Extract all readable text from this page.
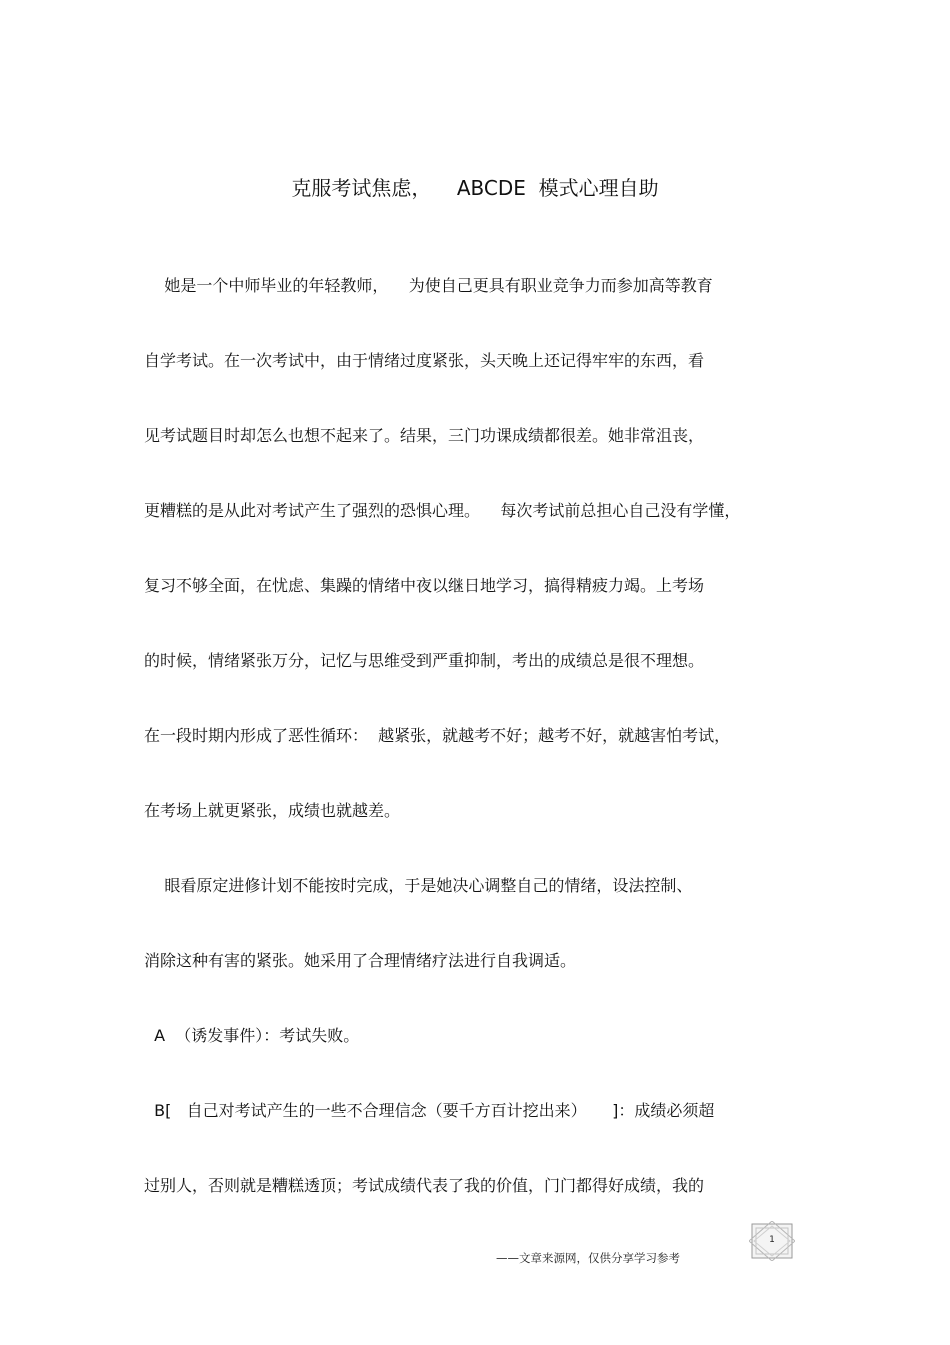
克服考试焦虑，    ABCDE  模式心理自助
她是一个中师毕业的年轻教师，    为使自己更具有职业竞争力而参加高等教育
自学考试。在一次考试中，由于情绪过度紧张，头天晚上还记得牢牢的东西，看
见考试题目时却怎么也想不起来了。结果，三门功课成绩都很差。她非常沮丧，
更糟糕的是从此对考试产生了强烈的恐惧心理。    每次考试前总担心自己没有学懂，
复习不够全面，在忧虑、集躁的情绪中夜以继日地学习，搞得精疲力竭。上考场
的时候，情绪紧张万分，记忆与思维受到严重抑制，考出的成绩总是很不理想。
在一段时期内形成了恶性循环：  越紧张，就越考不好；越考不好，就越害怕考试，
在考场上就更紧张，成绩也就越差。
眼看原定进修计划不能按时完成，于是她决心调整自己的情绪，设法控制、
消除这种有害的紧张。她采用了合理情绪疗法进行自我调适。
A  （诱发事件）：考试失败。
B[   自己对考试产生的一些不合理信念（要千方百计挖出来）     ]：成绩必须超
过别人，否则就是糟糕透顶；考试成绩代表了我的价值，门门都得好成绩，我的
1
——文章来源网，仅供分享学习参考
